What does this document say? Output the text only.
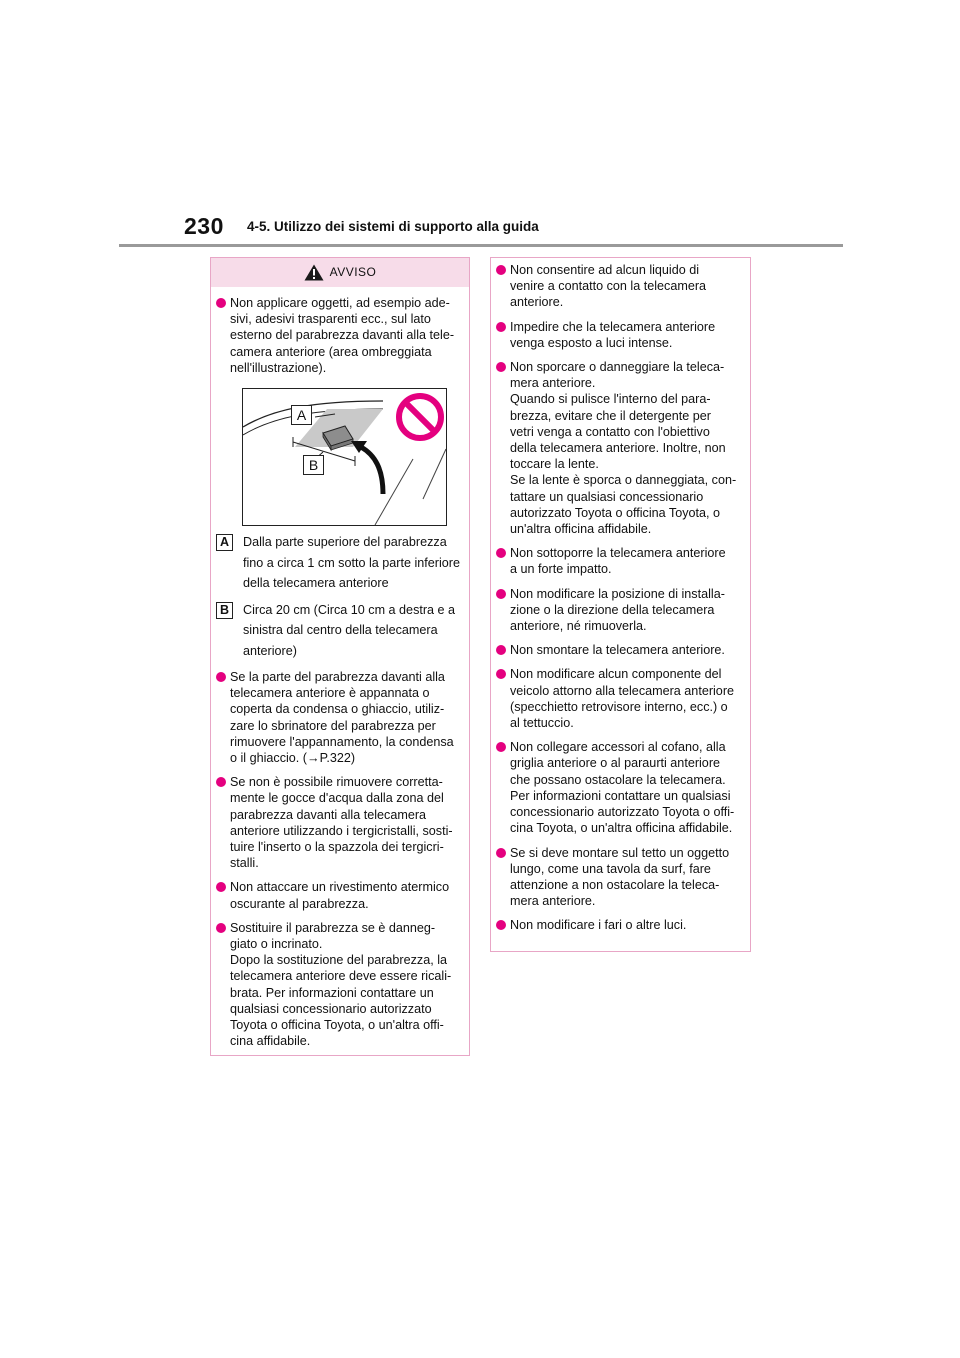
230 4-5. Utilizzo dei sistemi di supporto alla guida
AVVISO
Non applicare oggetti, ad esempio ade-
sivi, adesivi trasparenti ecc., sul lato
esterno del parabrezza davanti alla tele-
camera anteriore (area ombreggiata
nell'illustrazione).
A
B
A	Dalla parte superiore del parabrezza
fino a circa 1 cm sotto la parte inferiore
della telecamera anteriore
B	Circa 20 cm (Circa 10 cm a destra e a
sinistra dal centro della telecamera
anteriore)
Se la parte del parabrezza davanti alla
telecamera anteriore è appannata o
coperta da condensa o ghiaccio, utiliz-
zare lo sbrinatore del parabrezza per
rimuovere l'appannamento, la condensa
o il ghiaccio. (→P.322)
Se non è possibile rimuovere corretta-
mente le gocce d'acqua dalla zona del
parabrezza davanti alla telecamera
anteriore utilizzando i tergicristalli, sosti-
tuire l'inserto o la spazzola dei tergicri-
stalli.
Non attaccare un rivestimento atermico
oscurante al parabrezza.
Sostituire il parabrezza se è danneg-
giato o incrinato.
Dopo la sostituzione del parabrezza, la
telecamera anteriore deve essere ricali-
brata. Per informazioni contattare un
qualsiasi concessionario autorizzato
Toyota o officina Toyota, o un'altra offi-
cina affidabile.
Non consentire ad alcun liquido di
venire a contatto con la telecamera
anteriore.
Impedire che la telecamera anteriore
venga esposto a luci intense.
Non sporcare o danneggiare la teleca-
mera anteriore.
Quando si pulisce l'interno del para-
brezza, evitare che il detergente per
vetri venga a contatto con l'obiettivo
della telecamera anteriore. Inoltre, non
toccare la lente.
Se la lente è sporca o danneggiata, con-
tattare un qualsiasi concessionario
autorizzato Toyota o officina Toyota, o
un'altra officina affidabile.
Non sottoporre la telecamera anteriore
a un forte impatto.
Non modificare la posizione di installa-
zione o la direzione della telecamera
anteriore, né rimuoverla.
Non smontare la telecamera anteriore.
Non modificare alcun componente del
veicolo attorno alla telecamera anteriore
(specchietto retrovisore interno, ecc.) o
al tettuccio.
Non collegare accessori al cofano, alla
griglia anteriore o al paraurti anteriore
che possano ostacolare la telecamera.
Per informazioni contattare un qualsiasi
concessionario autorizzato Toyota o offi-
cina Toyota, o un'altra officina affidabile.
Se si deve montare sul tetto un oggetto
lungo, come una tavola da surf, fare
attenzione a non ostacolare la teleca-
mera anteriore.
Non modificare i fari o altre luci.
